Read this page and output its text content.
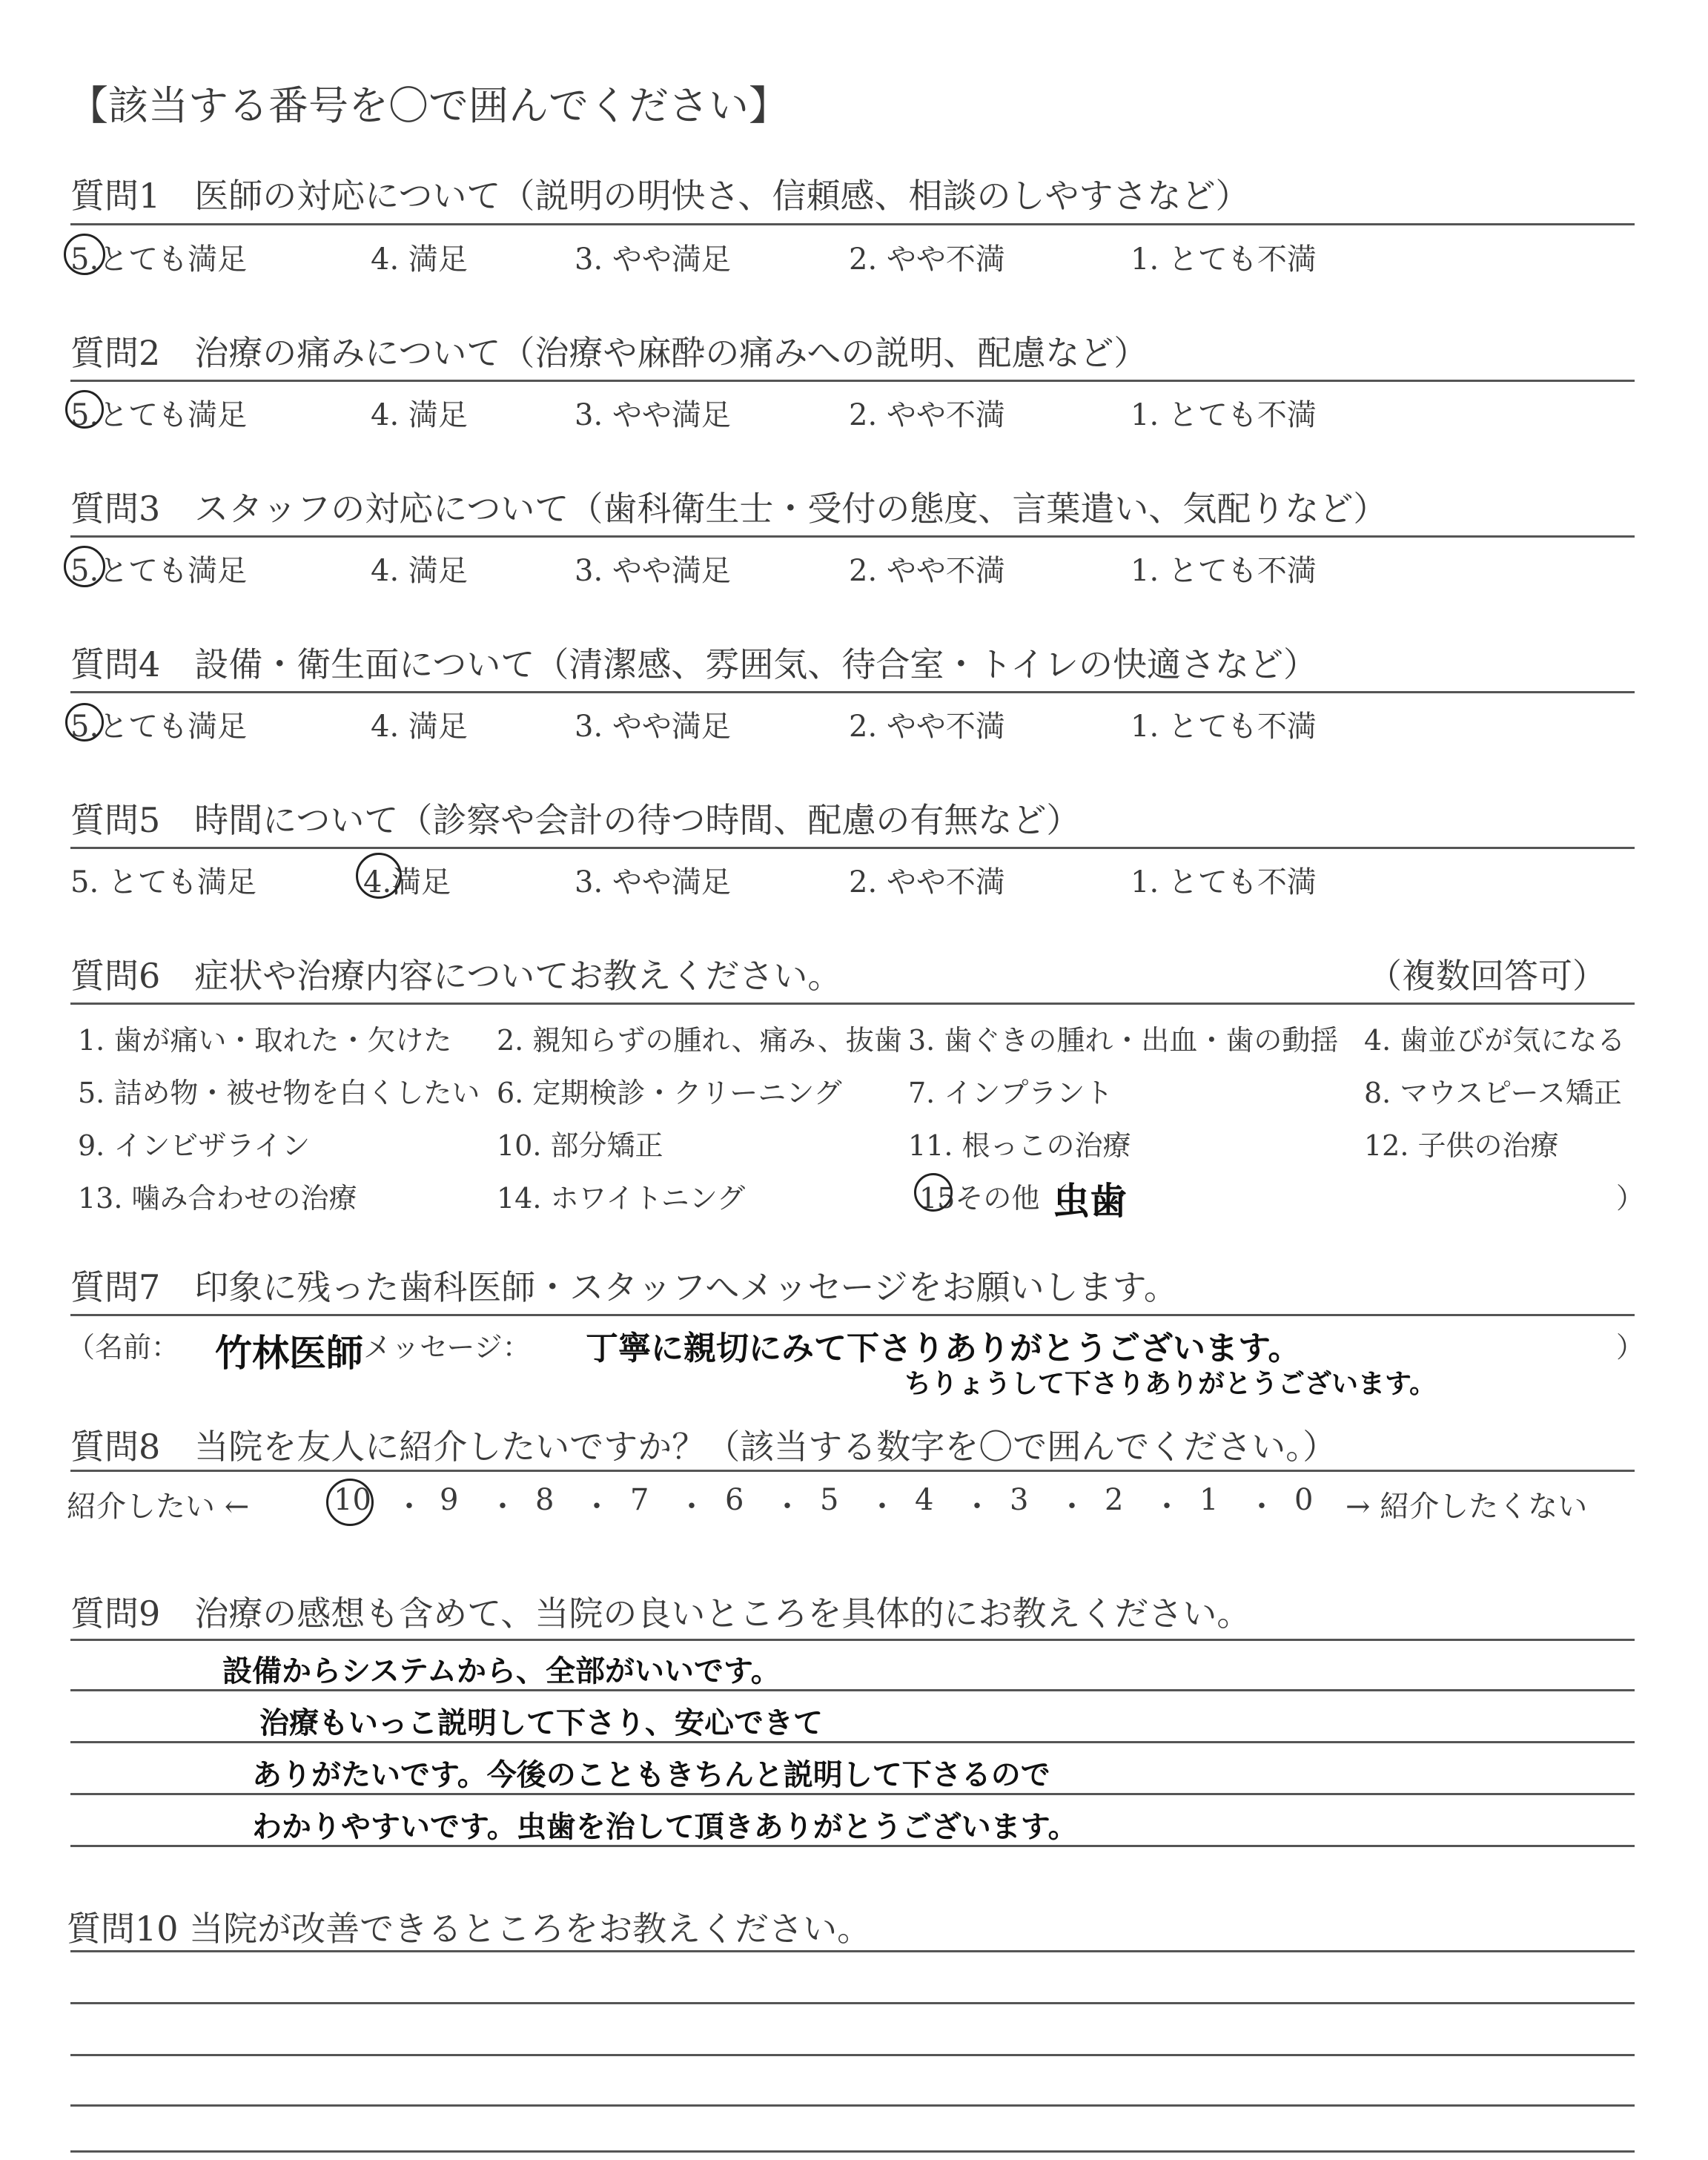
【該当する番号を〇で囲んでください】
質問1　医師の対応について（説明の明快さ、信頼感、相談のしやすさなど）
5.とても満足	4. 満足	3. やや満足	2. やや不満	1. とても不満
質問2　治療の痛みについて（治療や麻酔の痛みへの説明、配慮など）
5.とても満足	4. 満足	3. やや満足	2. やや不満	1. とても不満
質問3　スタッフの対応について（歯科衛生士・受付の態度、言葉遣い、気配りなど）
5.とても満足	4. 満足	3. やや満足	2. やや不満	1. とても不満
質問4　設備・衛生面について（清潔感、雰囲気、待合室・トイレの快適さなど）
5.とても満足	4. 満足	3. やや満足	2. やや不満	1. とても不満
質問5　時間について（診察や会計の待つ時間、配慮の有無など）
5. とても満足	4.満足	3. やや満足	2. やや不満	1. とても不満
質問6　症状や治療内容についてお教えください。	（複数回答可）
1. 歯が痛い・取れた・欠けた 2. 親知らずの腫れ、痛み、抜歯 3. 歯ぐきの腫れ・出血・歯の動揺 4. 歯並びが気になる
5. 詰め物・被せ物を白くしたい 6. 定期検診・クリーニング 7. インプラント	8. マウスピース矯正
9. インビザライン	10. 部分矯正	11. 根っこの治療	12. 子供の治療
13. 噛み合わせの治療	14. ホワイトニング	15その他（
虫歯	）
質問7　印象に残った歯科医師・スタッフへメッセージをお願いします。
（名前： 竹林医師 メッセージ： 丁寧に親切にみて下さりありがとうございます。
ちりょうして下さりありがとうございます。
）
質問8　当院を友人に紹介したいですか？（該当する数字を〇で囲んでください。）
紹介したい ←	10 ・ 9 ・ 8 ・ 7 ・ 6 ・ 5 ・ 4 ・ 3 ・ 2 ・ 1 ・ 0 → 紹介したくない
質問9　治療の感想も含めて、当院の良いところを具体的にお教えください。
設備からシステムから、全部がいいです。
治療もいっこ説明して下さり、安心できて
ありがたいです。今後のこともきちんと説明して下さるので
わかりやすいです。虫歯を治して頂きありがとうございます。
質問10 当院が改善できるところをお教えください。
